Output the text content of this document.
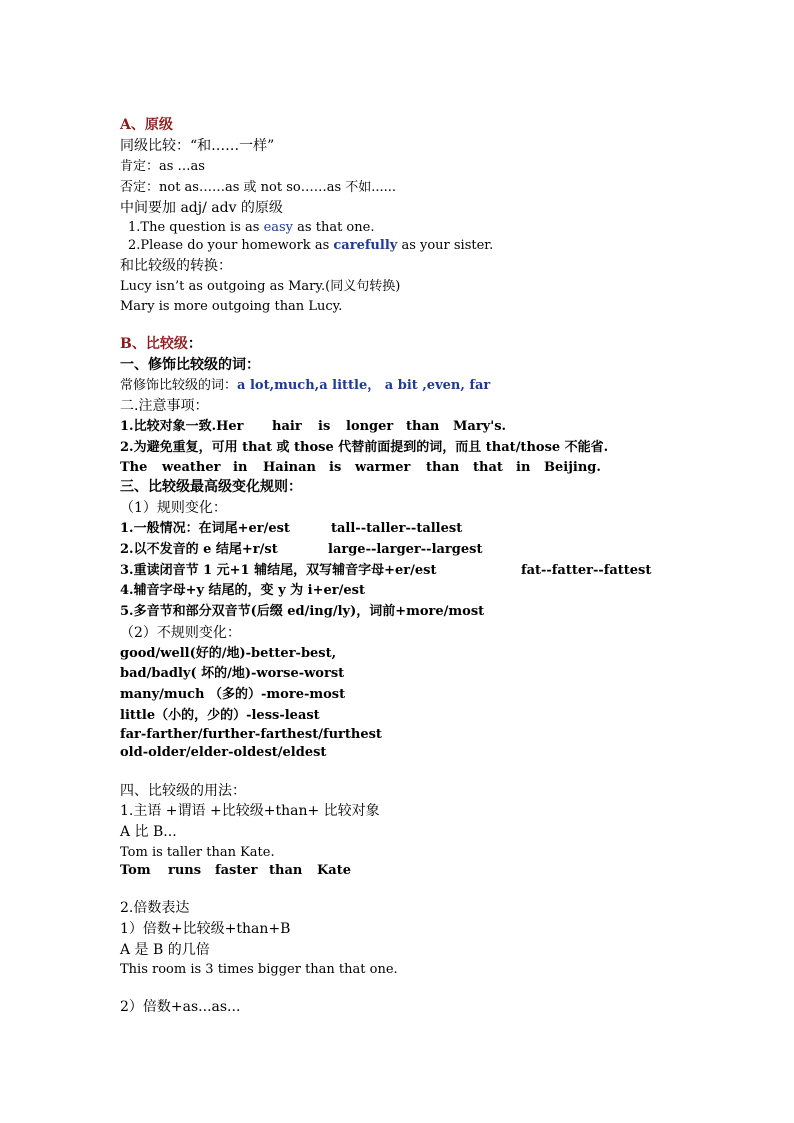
A、原级
同级比较：“和……一样”
肯定：as …as
否定：not as……as 或 not so……as 不如......
中间要加 adj/ adv 的原级
1.The question is as easy as that one.
2.Please do your homework as carefully as your sister.
和比较级的转换：
Lucy isn’t as outgoing as Mary.(同义句转换)
Mary is more outgoing than Lucy.
B、比较级：
一、修饰比较级的词：
常修饰比较级的词：a lot,much,a little， a bit ,even, far
二.注意事项：
1.比较对象一致.Her hair is longer than Mary's.
2.为避免重复，可用 that 或 those 代替前面提到的词，而且 that/those 不能省.
The weather in Hainan is warmer than that in Beijing.
三、比较级最高级变化规则：
（1）规则变化：
1.一般情况：在词尾+er/est	tall--taller--tallest
2.以不发音的 e 结尾+r/st	large--larger--largest
3.重读闭音节 1 元+1 辅结尾，双写辅音字母+er/est	fat--fatter--fattest
4.辅音字母+y 结尾的，变 y 为 i+er/est
5.多音节和部分双音节(后缀 ed/ing/ly)，词前+more/most
（2）不规则变化：
good/well(好的/地)-better-best,
bad/badly( 坏的/地)-worse-worst
many/much （多的）-more-most
little（小的，少的）-less-least
far-farther/further-farthest/furthest
old-older/elder-oldest/eldest
四、比较级的用法：
1.主语 +谓语 +比较级+than+ 比较对象
A 比 B...
Tom is taller than Kate.
Tom runs faster than Kate
2.倍数表达
1）倍数+比较级+than+B
A 是 B 的几倍
This room is 3 times bigger than that one.
2）倍数+as...as...
